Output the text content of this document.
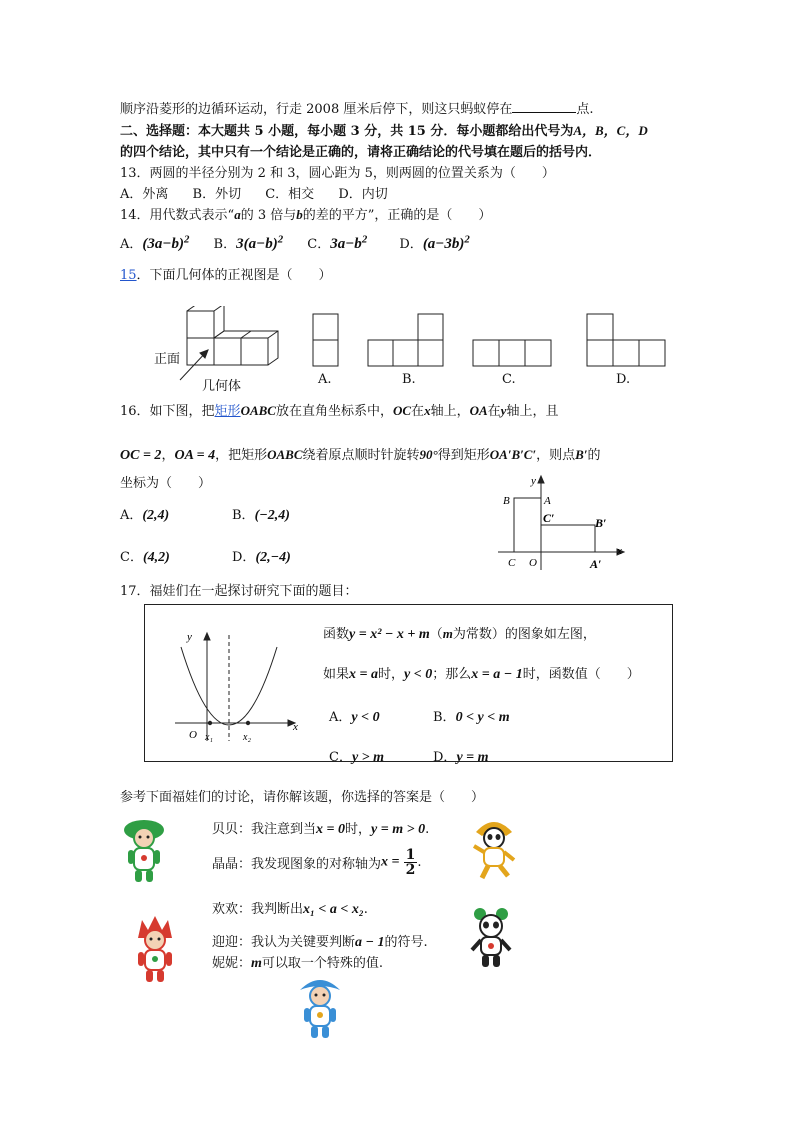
顺序沿菱形的边循环运动，行走 2008 厘米后停下，则这只蚂蚁停在	点.
二、选择题：本大题共 5 小题，每小题 3 分，共 15 分．每小题都给出代号为A，B，C，D
的四个结论，其中只有一个结论是正确的，请将正确结论的代号填在题后的括号内．
13．两圆的半径分别为 2 和 3，圆心距为 5，则两圆的位置关系为（　　）
A．外离 B．外切 C．相交 D．内切
14．用代数式表示“a的 3 倍与b的差的平方”，正确的是（　　）
A．$(3a-b)^2$ B．$3(a-b)^2$ C．$3a-b^2$ D．$(a-3b)^2$
15．下面几何体的正视图是（　　）
正面
几何体	A.	B.	C.	D.
16．如下图，把矩形OABC放在直角坐标系中，OC在x轴上，OA在y轴上，且
OC = 2，OA = 4，把矩形OABC绕着原点顺时针旋转90°得到矩形OA′B′C′，则点B′的
坐标为（　　）
A．(2,4)	B．(−2,4)
C．(4,2)	D．(2,−4)
y
x
B	A
C′	B′
C O	A′
17．福娃们在一起探讨研究下面的题目：
y
x
O x₁	x₂
函数y = x² − x + m（m为常数）的图象如左图，
如果x = a时，y < 0；那么x = a − 1时，函数值（　　）
A．y < 0	B．0 < y < m
C．y > m	D．y = m
参考下面福娃们的讨论，请你解该题，你选择的答案是（　　）
贝贝：我注意到当x = 0时，y = m > 0.
晶晶：我发现图象的对称轴为$x = \frac{1}{2}$ .
欢欢：我判断出x₁ < a < x₂.
迎迎：我认为关键要判断a − 1的符号.
妮妮：m可以取一个特殊的值.
